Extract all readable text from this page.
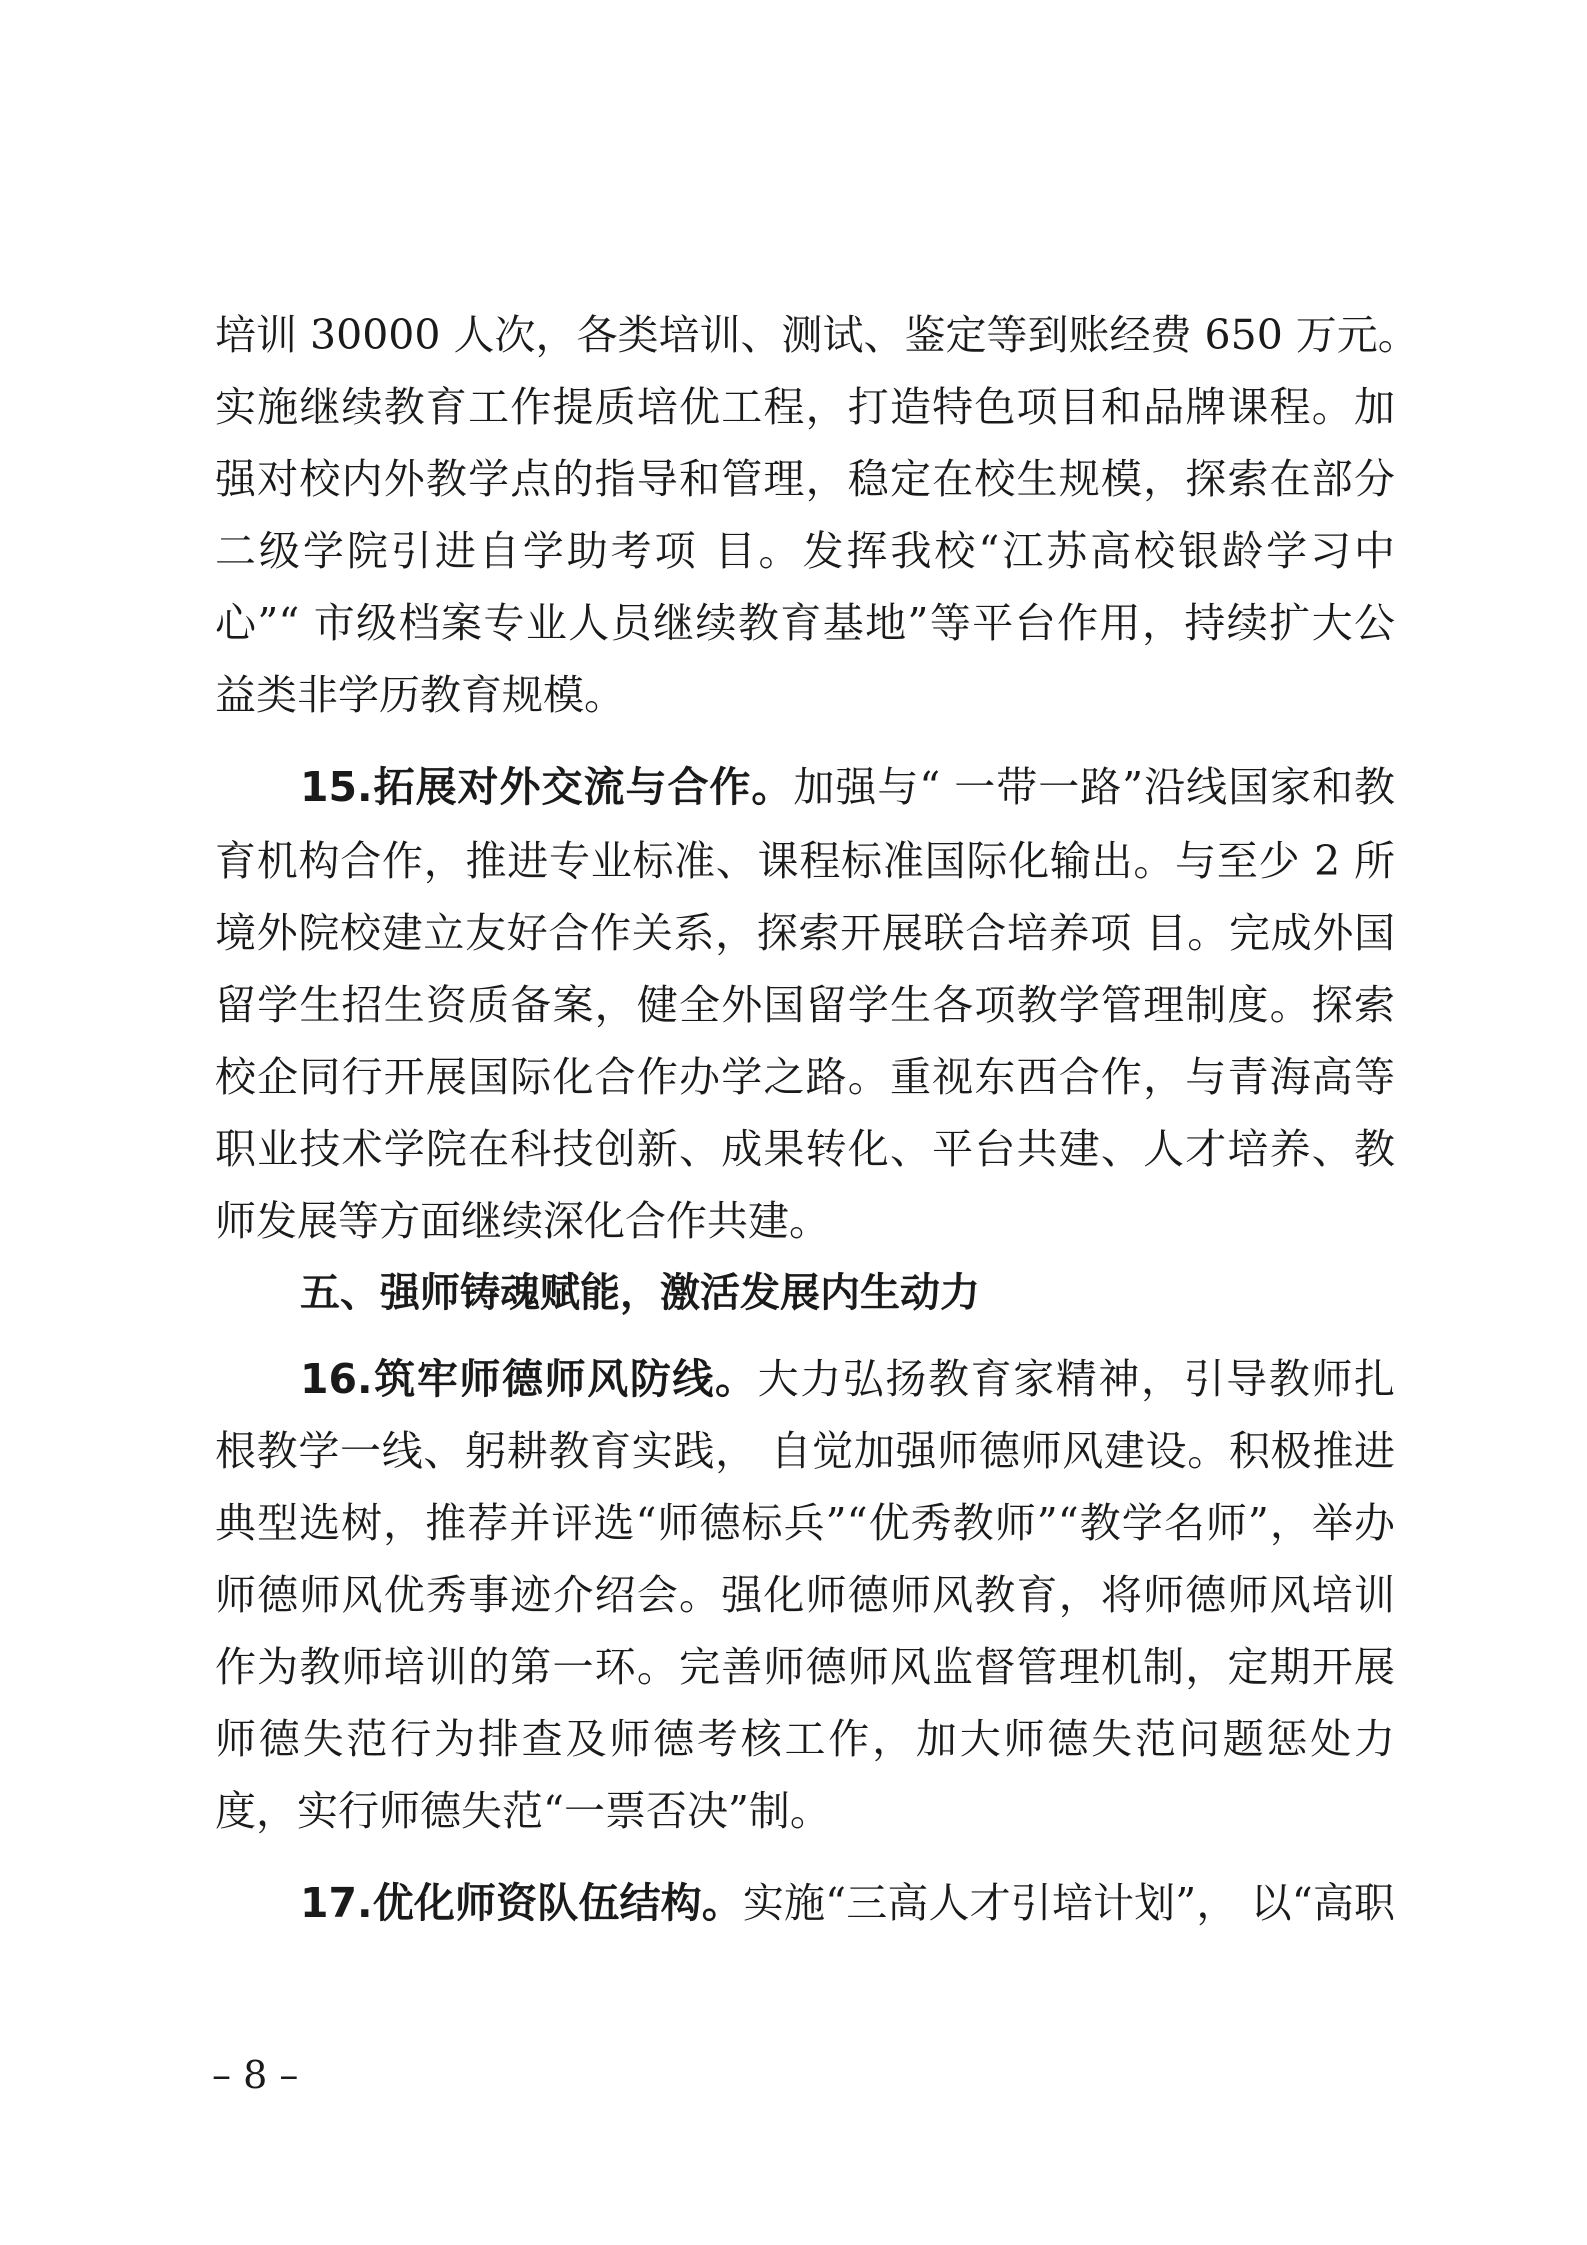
培训 30000 人次，各类培训、测试、鉴定等到账经费 650 万元。
实施继续教育工作提质培优工程，打造特色项目和品牌课程。加
强对校内外教学点的指导和管理，稳定在校生规模，探索在部分
二级学院引进自学助考项 目。发挥我校“江苏高校银龄学习中
心”“ 市级档案专业人员继续教育基地”等平台作用，持续扩大公
益类非学历教育规模。
15.拓展对外交流与合作。加强与“ 一带一路”沿线国家和教
育机构合作，推进专业标准、课程标准国际化输出。与至少 2 所
境外院校建立友好合作关系，探索开展联合培养项 目。完成外国
留学生招生资质备案，健全外国留学生各项教学管理制度。探索
校企同行开展国际化合作办学之路。重视东西合作，与青海高等
职业技术学院在科技创新、成果转化、平台共建、人才培养、教
师发展等方面继续深化合作共建。
五、强师铸魂赋能，激活发展内生动力
16.筑牢师德师风防线。大力弘扬教育家精神，引导教师扎
根教学一线、躬耕教育实践， 自觉加强师德师风建设。积极推进
典型选树，推荐并评选“师德标兵”“优秀教师”“教学名师”，举办
师德师风优秀事迹介绍会。强化师德师风教育，将师德师风培训
作为教师培训的第一环。完善师德师风监督管理机制，定期开展
师德失范行为排查及师德考核工作，加大师德失范问题惩处力
度，实行师德失范“一票否决”制。
17.优化师资队伍结构。实施“三高人才引培计划”， 以“高职
– 8 –
